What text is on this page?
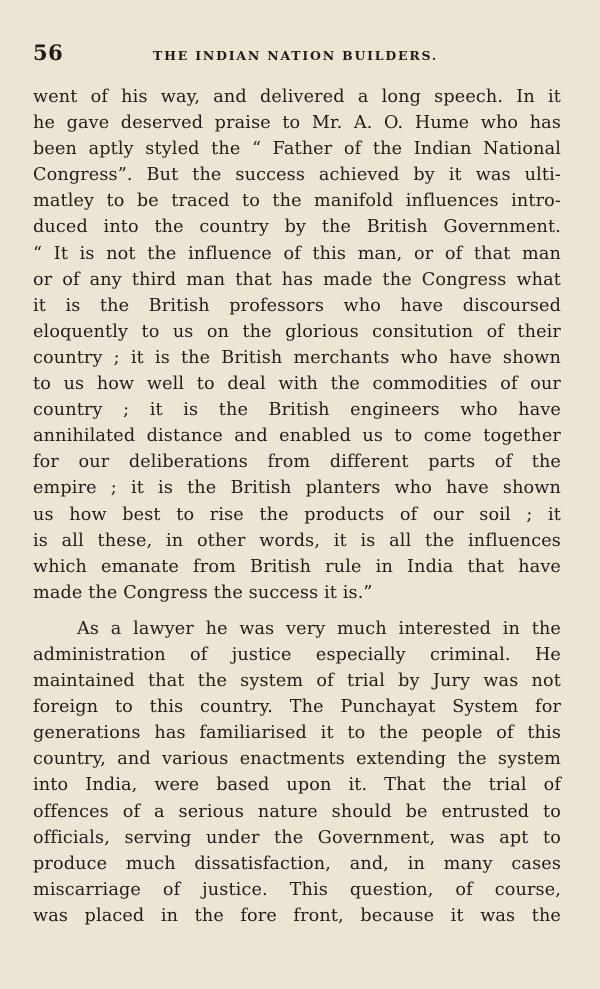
56	THE INDIAN NATION BUILDERS.
went of his way, and delivered a long speech. In it
he gave deserved praise to Mr. A. O. Hume who has
been aptly styled the “ Father of the Indian National
Congress”. But the success achieved by it was ulti-
matley to be traced to the manifold influences intro-
duced into the country by the British Government.
“ It is not the influence of this man, or of that man
or of any third man that has made the Congress what
it is the British professors who have discoursed
eloquently to us on the glorious consitution of their
country ; it is the British merchants who have shown
to us how well to deal with the commodities of our
country ; it is the British engineers who have
annihilated distance and enabled us to come together
for our deliberations from different parts of the
empire ; it is the British planters who have shown
us how best to rise the products of our soil ; it
is all these, in other words, it is all the influences
which emanate from British rule in India that have
made the Congress the success it is.”
As a lawyer he was very much interested in the
administration of justice especially criminal. He
maintained that the system of trial by Jury was not
foreign to this country. The Punchayat System for
generations has familiarised it to the people of this
country, and various enactments extending the system
into India, were based upon it. That the trial of
offences of a serious nature should be entrusted to
officials, serving under the Government, was apt to
produce much dissatisfaction, and, in many cases
miscarriage of justice. This question, of course,
was placed in the fore front, because it was the
